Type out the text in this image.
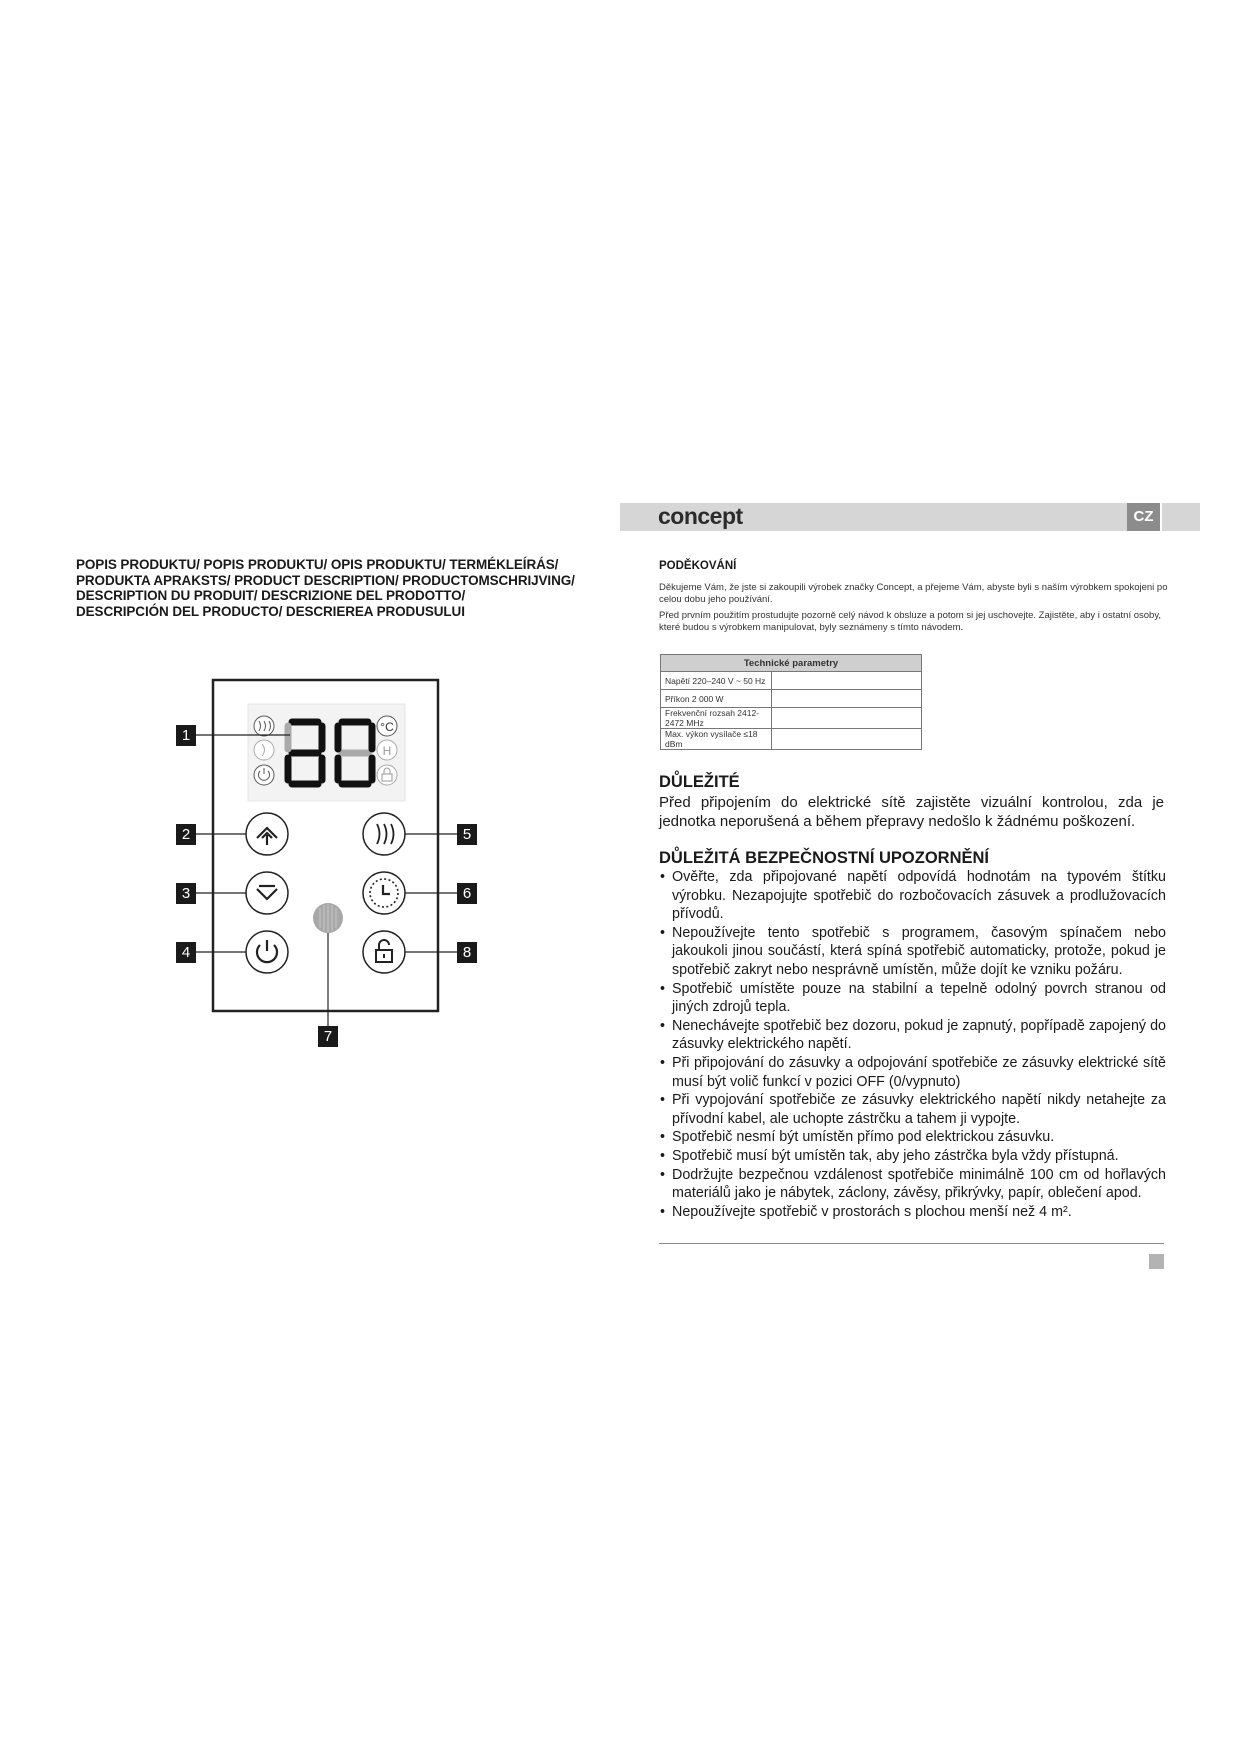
POPIS PRODUKTU/ POPIS PRODUKTU/ OPIS PRODUKTU/ TERMÉKLEÍRÁS/
PRODUKTA APRAKSTS/ PRODUCT DESCRIPTION/ PRODUCTOMSCHRIJVING/
DESCRIPTION DU PRODUIT/ DESCRIZIONE DEL PRODOTTO/
DESCRIPCIÓN DEL PRODUCTO/ DESCRIEREA PRODUSULUI
°C
H
1
2
3
4
5
6
7
8
concept	CZ
PODĚKOVÁNÍ

Děkujeme Vám, že jste si zakoupili výrobek značky Concept, a přejeme Vám, abyste byli s naším výrobkem spokojeni po celou dobu jeho používání.

Před prvním použitím prostudujte pozorně celý návod k obsluze a potom si jej uschovejte. Zajistěte, aby i ostatní osoby, které budou s výrobkem manipulovat, byly seznámeny s tímto návodem.

Technické parametry	
Napětí 220–240 V ~ 50 Hz	
Příkon 2 000 W	
Frekvenční rozsah 2412-2472 MHz	
Max. výkon vysílače ≤18 dBm	
DŮLEŽITÉ
Před připojením do elektrické sítě zajistěte vizuální kontrolou, zda je jednotka neporušená a během přepravy nedošlo k žádnému poškození.
DŮLEŽITÁ BEZPEČNOSTNÍ UPOZORNĚNÍ
• Ověřte, zda připojované napětí odpovídá hodnotám na typovém štítku výrobku. Nezapojujte spotřebič do rozbočovacích zásuvek a prodlužovacích přívodů.
• Nepoužívejte tento spotřebič s programem, časovým spínačem nebo jakoukoli jinou součástí, která spíná spotřebič automaticky, protože, pokud je spotřebič zakryt nebo nesprávně umístěn, může dojít ke vzniku požáru.
• Spotřebič umístěte pouze na stabilní a tepelně odolný povrch stranou od jiných zdrojů tepla.
• Nenechávejte spotřebič bez dozoru, pokud je zapnutý, popřípadě zapojený do zásuvky elektrického napětí.
• Při připojování do zásuvky a odpojování spotřebiče ze zásuvky elektrické sítě musí být volič funkcí v pozici OFF (0/vypnuto)
• Při vypojování spotřebiče ze zásuvky elektrického napětí nikdy netahejte za přívodní kabel, ale uchopte zástrčku a tahem ji vypojte.
• Spotřebič nesmí být umístěn přímo pod elektrickou zásuvku.
• Spotřebič musí být umístěn tak, aby jeho zástrčka byla vždy přístupná.
• Dodržujte bezpečnou vzdálenost spotřebiče minimálně 100 cm od hořlavých materiálů jako je nábytek, záclony, závěsy, přikrývky, papír, oblečení apod.
• Nepoužívejte spotřebič v prostorách s plochou menší než 4 m².
